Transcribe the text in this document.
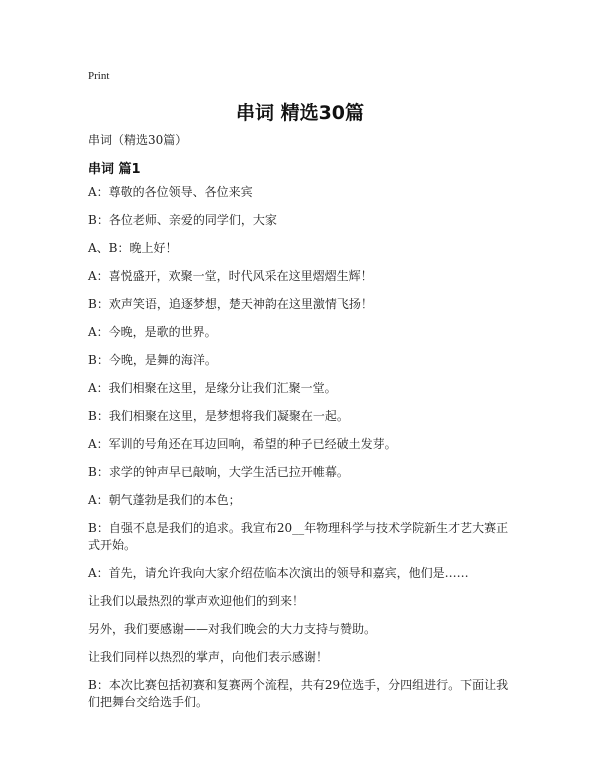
Print
串词 精选30篇
串词（精选30篇）
串词 篇1

A：尊敬的各位领导、各位来宾

B：各位老师、亲爱的同学们，大家

A、B：晚上好！

A：喜悦盛开，欢聚一堂，时代风采在这里熠熠生辉！

B：欢声笑语，追逐梦想，楚天神韵在这里激情飞扬！

A：今晚，是歌的世界。

B：今晚，是舞的海洋。

A：我们相聚在这里，是缘分让我们汇聚一堂。

B：我们相聚在这里，是梦想将我们凝聚在一起。

A：军训的号角还在耳边回响，希望的种子已经破土发芽。

B：求学的钟声早已敲响，大学生活已拉开帷幕。

A：朝气蓬勃是我们的本色；

B：自强不息是我们的追求。我宣布20__年物理科学与技术学院新生才艺大赛正式开始。

A：首先，请允许我向大家介绍莅临本次演出的领导和嘉宾，他们是……

让我们以最热烈的掌声欢迎他们的到来！

另外，我们要感谢——对我们晚会的大力支持与赞助。

让我们同样以热烈的掌声，向他们表示感谢！

B：本次比赛包括初赛和复赛两个流程，共有29位选手，分四组进行。下面让我们把舞台交给选手们。
